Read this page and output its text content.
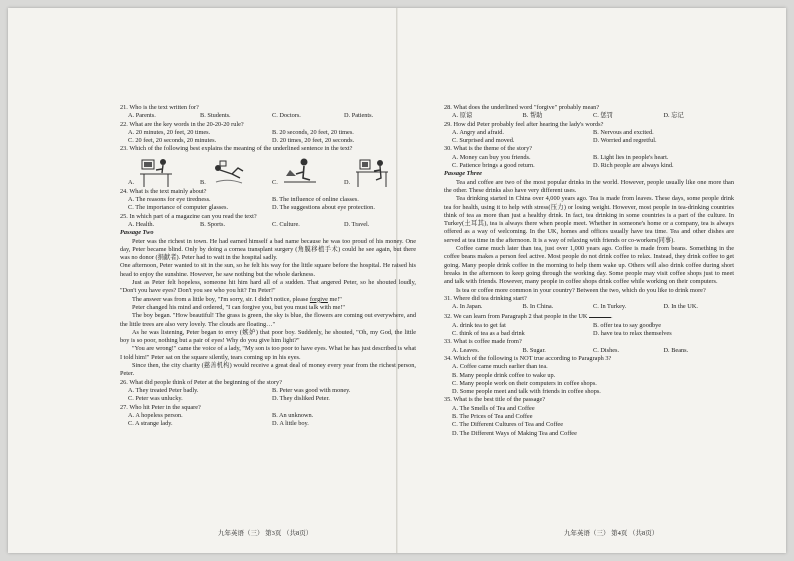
21. Who is the text written for?

A. Parents.	B. Students.	C. Doctors.	D. Patients.

22. What are the key words in the 20-20-20 rule?

A. 20 minutes, 20 feet, 20 times.	B. 20 seconds, 20 feet, 20 times.
C. 20 feet, 20 seconds, 20 minutes.	D. 20 times, 20 feet, 20 seconds.

23. Which of the following best explains the meaning of the underlined sentence in the text?

A.	B.	C.	D.

24. What is the text mainly about?

A. The reasons for eye tiredness.	B. The influence of online classes.
C. The importance of computer glasses.	D. The suggestions about eye protection.

25. In which part of a magazine can you read the text?

A. Health.	B. Sports.	C. Culture.	D. Travel.

Passage Two

Peter was the richest in town. He had earned himself a bad name because he was too proud of his money. One day, Peter became blind. Only by doing a cornea transplant surgery (角膜移植手术) could he see again, but there was no donor (捐献者). Peter had to wait in the hospital sadly.

One afternoon, Peter wanted to sit in the sun, so he felt his way for the little square before the hospital. He raised his head to enjoy the sunshine. However, he saw nothing but the whole darkness.

Just as Peter felt hopeless, someone hit him hard all of a sudden. That angered Peter, so he shouted loudly, "Don't you have eyes? Don't you see who you hit? I'm Peter!"

The answer was from a little boy, "I'm sorry, sir. I didn't notice, please forgive me!"

Peter changed his mind and ordered, "I can forgive you, but you must talk with me!"

The boy began. "How beautiful! The grass is green, the sky is blue, the flowers are coming out everywhere, and the little trees are also very lovely. The clouds are floating…"

As he was listening, Peter began to envy (嫉妒) that poor boy. Suddenly, he shouted, "Oh, my God, the little boy is so poor, nothing but a pair of eyes! Why do you give him light?"

"You are wrong!" came the voice of a lady, "My son is too poor to have eyes. What he has just described is what I told him!" Peter sat on the square silently, tears coming up in his eyes.

Since then, the city charity (慈善机构) would receive a great deal of money every year from the richest person, Peter.

26. What did people think of Peter at the beginning of the story?

A. They treated Peter badly.	B. Peter was good with money.
C. Peter was unlucky.	D. They disliked Peter.

27. Who hit Peter in the square?

A. A hopeless person.	B. An unknown.
C. A strange lady.	D. A little boy.

28. What does the underlined word "forgive" probably mean?

A. 原谅	B. 帮助	C. 惩罚	D. 忘记

29. How did Peter probably feel after hearing the lady's words?

A. Angry and afraid.	B. Nervous and excited.
C. Surprised and moved.	D. Worried and regretful.

30. What is the theme of the story?

A. Money can buy you friends.	B. Light lies in people's heart.
C. Patience brings a good return.	D. Rich people are always kind.

Passage Three

Tea and coffee are two of the most popular drinks in the world. However, people usually like one more than the other. These drinks also have very different uses.

Tea drinking started in China over 4,000 years ago. Tea is made from leaves. These days, some people drink tea for health, using it to help with stress(压力) or losing weight. However, most people in tea-drinking countries think of tea as more than just a healthy drink. In fact, tea drinking in some countries is a part of the culture. In Turkey(土耳其), tea is always there when people meet. Whether in someone's home or a company, tea is always offered as a way of welcoming. In the UK, homes and offices usually have tea time. Tea and other dishes are served at tea time in the afternoon. It is a way of relaxing with friends or co-workers(同事).

Coffee came much later than tea, just over 1,000 years ago. Coffee is made from beans. Something in the coffee beans makes a person feel active. Most people do not drink coffee to relax. Instead, they drink coffee to get going. Many people drink coffee in the morning to help them wake up. Others will also drink coffee during short breaks in the afternoon to keep going through the working day. Some people may visit coffee shops just to meet and talk with friends. However, many people in coffee shops drink coffee while working on their computers.

Is tea or coffee more common in your country? Between the two, which do you like to drink more?

31. Where did tea drinking start?

A. In Japan.	B. In China.	C. In Turkey.	D. In the UK.

32. We can learn from Paragraph 2 that people in the UK	.

A. drink tea to get fat	B. offer tea to say goodbye
C. think of tea as a bad drink	D. have tea to relax themselves

33. What is coffee made from?

A. Leaves.	B. Sugar.	C. Dishes.	D. Beans.

34. Which of the following is NOT true according to Paragraph 3?

A. Coffee came much earlier than tea.
B. Many people drink coffee to wake up.
C. Many people work on their computers in coffee shops.
D. Some people meet and talk with friends in coffee shops.

35. What is the best title of the passage?

A. The Smells of Tea and Coffee
B. The Prices of Tea and Coffee
C. The Different Cultures of Tea and Coffee
D. The Different Ways of Making Tea and Coffee
九年英语（三） 第3页 （共8页）	九年英语（三） 第4页 （共8页）
